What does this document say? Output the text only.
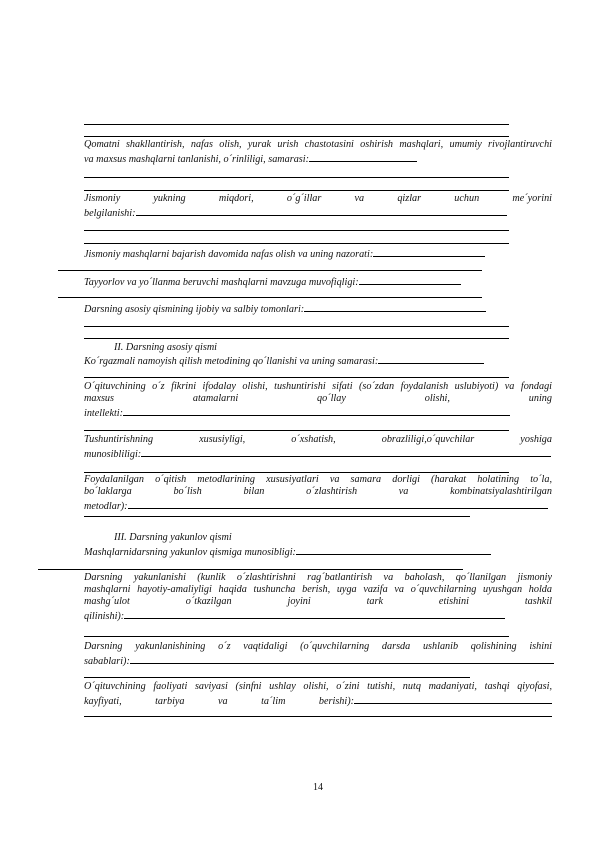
Qomatni shakllantirish, nafas olish, yurak urish chastotasini oshirish mashqlari, umumiy rivojlantiruvchi
va maxsus mashqlarni tanlanishi, o´rinliligi, samarasi:
Jismoniy yukning miqdori, o´g´illar va qizlar uchun me´yorini
belgilanishi:
Jismoniy mashqlarni bajarish davomida nafas olish va uning nazorati:
Tayyorlov va yo´llanma beruvchi mashqlarni mavzuga muvofiqligi:
Darsning asosiy qismining ijobiy va salbiy tomonlari:
II. Darsning asosiy qismi
Ko´rgazmali namoyish qilish metodining qo´llanishi va uning samarasi:
O´qituvchining o´z fikrini ifodalay olishi, tushuntirishi sifati (so´zdan foydalanish uslubiyoti) va fondagi
maxsus atamalarni qo´llay olishi, uning
intellekti:
Tushuntirishning xususiyligi, o´xshatish, obrazliligi,o´quvchilar yoshiga
munosibliligi:
Foydalanilgan o´qitish metodlarining xususiyatlari va samara dorligi (harakat holatining to´la,
bo´laklarga bo´lish bilan o´zlashtirish va kombinatsiyalashtirilgan
metodlar):
III. Darsning yakunlov qismi
Mashqlarnidarsning yakunlov qismiga munosibligi:
Darsning yakunlanishi (kunlik o´zlashtirishni rag´batlantirish va baholash, qo´llanilgan jismoniy
mashqlarni hayotiy-amaliyligi haqida tushuncha berish, uyga vazifa va o´quvchilarning uyushgan holda
mashg´ulot o´tkazilgan joyini tark etishini tashkil
qilinishi):
Darsning yakunlanishining o´z vaqtidaligi (o´quvchilarning darsda ushlanib qolishining ishini
sabablari):
O´qituvchining faoliyati saviyasi (sinfni ushlay olishi, o´zini tutishi, nutq madaniyati, tashqi qiyofasi,
kayfiyati, tarbiya va ta´lim berishi):
14
